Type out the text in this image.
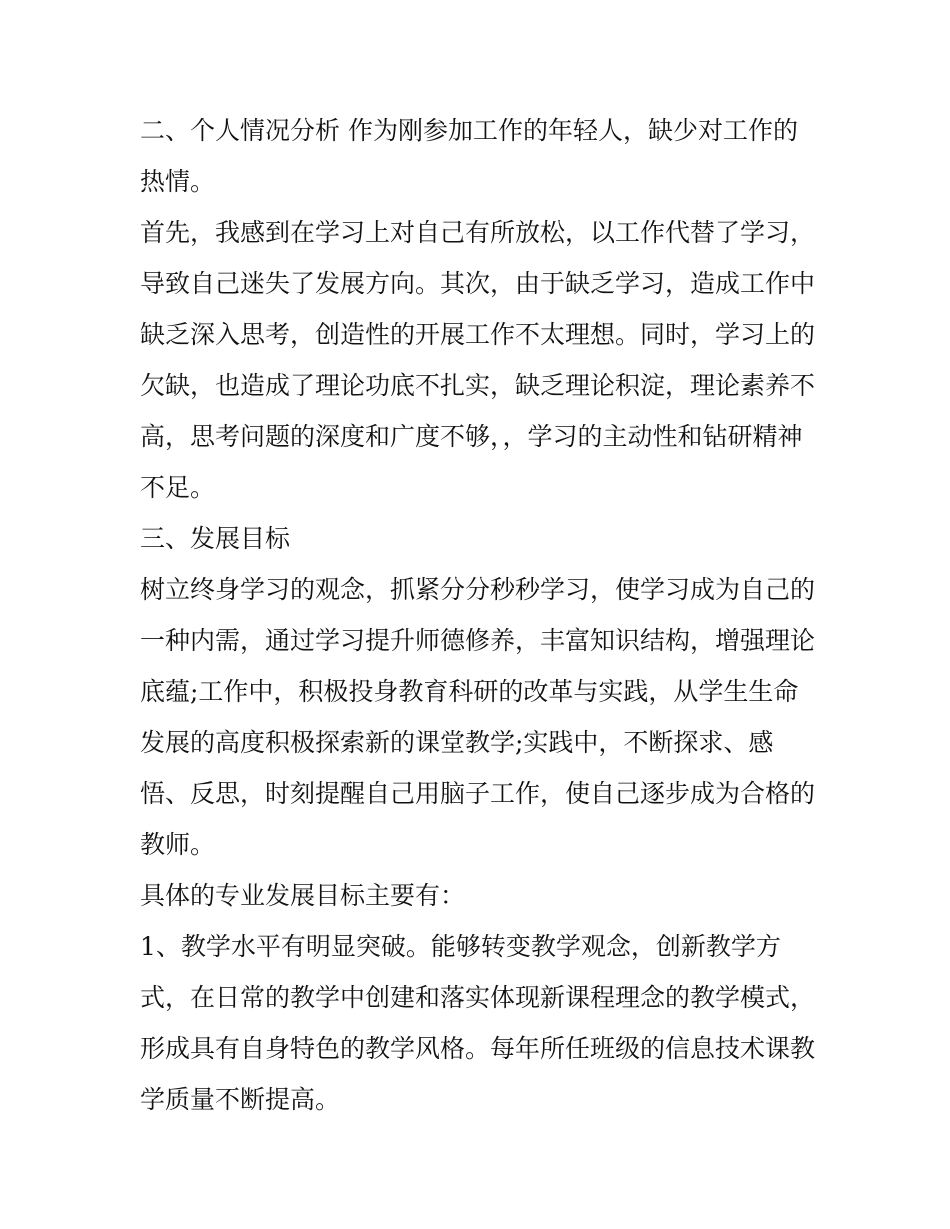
二、个人情况分析 作为刚参加工作的年轻人，缺少对工作的
热情。
首先，我感到在学习上对自己有所放松，以工作代替了学习，
导致自己迷失了发展方向。其次，由于缺乏学习，造成工作中
缺乏深入思考，创造性的开展工作不太理想。同时，学习上的
欠缺，也造成了理论功底不扎实，缺乏理论积淀，理论素养不
高，思考问题的深度和广度不够，，学习的主动性和钻研精神
不足。
三、发展目标
树立终身学习的观念，抓紧分分秒秒学习，使学习成为自己的
一种内需，通过学习提升师德修养，丰富知识结构，增强理论
底蕴;工作中，积极投身教育科研的改革与实践，从学生生命
发展的高度积极探索新的课堂教学;实践中，不断探求、感
悟、反思，时刻提醒自己用脑子工作，使自己逐步成为合格的
教师。
具体的专业发展目标主要有：
1、教学水平有明显突破。能够转变教学观念，创新教学方
式，在日常的教学中创建和落实体现新课程理念的教学模式，
形成具有自身特色的教学风格。每年所任班级的信息技术课教
学质量不断提高。
